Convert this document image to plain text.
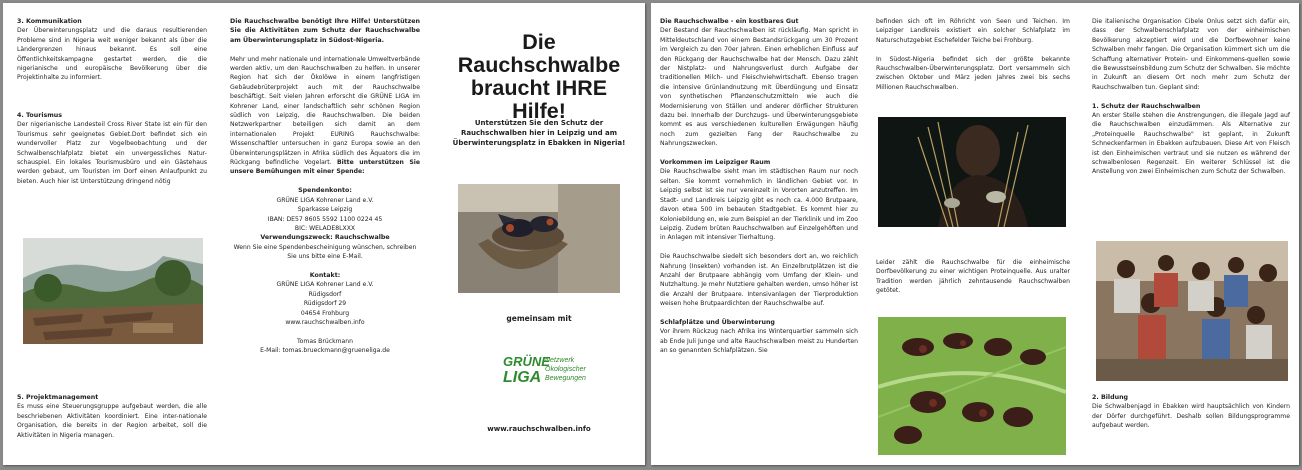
3. Kommunikation

Der Überwinterungsplatz und die daraus resultierenden Probleme sind in Nigeria weit weniger bekannt als über die Ländergrenzen hinaus bekannt. Es soll eine Öffentlichkeitskampagne gestartet werden, die die nigerianische und europäische Bevölkerung über die Projektinhalte zu informiert.

4. Tourismus

Der nigerianische Landesteil Cross River State ist ein für den Tourismus sehr geeignetes Gebiet.Dort befindet sich ein wundervoller Platz zur Vogelbeobachtung und der Schwalbenschlafplatz bietet ein unvergessliches Natur-schauspiel. Ein lokales Tourismusbüro und ein Gästehaus werden gebaut, um Touristen im Dorf einen Anlaufpunkt zu bieten. Auch hier ist Unterstützung dringend nötig

5. Projektmanagement

Es muss eine Steuerungsgruppe aufgebaut werden, die alle beschriebenen Aktivitäten koordiniert. Eine inter-nationale Organisation, die bereits in der Region arbeitet, soll die Aktivitäten in Nigeria managen.

Die Rauchschwalbe benötigt Ihre Hilfe! Unterstützen Sie die Aktivitäten zum Schutz der Rauchschwalbe am Überwinterungsplatz in Südost-Nigeria.

Mehr und mehr nationale und internationale Umweltverbände werden aktiv, um den Rauchschwalben zu helfen. In unserer Region hat sich der Ökolöwe in einem langfristigen Gebäudebrüterprojekt auch mit der Rauchschwalbe beschäftigt. Seit vielen Jahren erforscht die GRÜNE LIGA im Kohrener Land, einer landschaftlich sehr schönen Region südlich von Leipzig, die Rauchschwalben. Die beiden Netzwerkpartner beteiligen sich damit an dem internationalen Projekt EURING Rauchschwalbe: Wissenschaftler untersuchen in ganz Europa sowie an den Überwinterungsplätzen in Afrika südlich des Äquators die im Rückgang befindliche Vogelart. Bitte unterstützen Sie unsere Bemühungen mit einer Spende:

Spendenkonto:

GRÜNE LIGA Kohrener Land e.V.

Sparkasse Leipzig

IBAN: DE57 8605 5592 1100 0224 45

BIC: WELADE8LXXX

Verwendungszweck: Rauchschwalbe

Wenn Sie eine Spendenbescheinigung wünschen, schreiben Sie uns bitte eine E-Mail.

Kontakt:

GRÜNE LIGA Kohrener Land e.V.

Rüdigsdorf

Rüdigsdorf 29

04654 Frohburg

www.rauchschwalben.info

Tomas Brückmann

E-Mail: tomas.brueckmann@grueneliga.de

Die
Rauchschwalbe
braucht IHRE Hilfe!
Unterstützen Sie den Schutz der Rauchschwalben hier in Leipzig und am Überwinterungsplatz in Ebakken in Nigeria!
gemeinsam mit
GRÜNE
LIGA
Netzwerk
Ökologischer
Bewegungen
www.rauchschwalben.info

Die Rauchschwalbe - ein kostbares Gut

Der Bestand der Rauchschwalben ist rückläufig. Man spricht in Mitteldeutschland von einem Bestandsrückgang um 30 Prozent im Vergleich zu den 70er Jahren. Einen erheblichen Einfluss auf den Rückgang der Rauchschwalbe hat der Mensch. Dazu zählt der Nistplatz- und Nahrungsverlust durch Aufgabe der traditionellen Milch- und Fleischviehwirtschaft. Ebenso tragen die intensive Grünlandnutzung mit Überdüngung und Einsatz von synthetischen Pflanzenschutzmitteln wie auch die Modernisierung von Ställen und anderer dörflicher Strukturen dazu bei. Innerhalb der Durchzugs- und Überwinterungsgebiete kommt es aus verschiedenen kulturellen Erwägungen häufig noch zum gezielten Fang der Rauchschwalbe zu Nahrungszwecken.

Vorkommen im Leipziger Raum

Die Rauchschwalbe sieht man im städtischen Raum nur noch selten. Sie kommt vornehmlich in ländlichen Gebiet vor. In Leipzig selbst ist sie nur vereinzelt in Vororten anzutreffen. Im Stadt- und Landkreis Leipzig gibt es noch ca. 4.000 Brutpaare, davon etwa 500 im bebauten Stadtgebiet. Es kommt hier zu Koloniebildung en, wie zum Beispiel an der Tierklinik und im Zoo Leipzig. Zudem brüten Rauchschwalben auf Einzelgehöften und in Anlagen mit intensiver Tierhaltung.

Die Rauchschwalbe siedelt sich besonders dort an, wo reichlich Nahrung (Insekten) vorhanden ist. An Einzelbrutplätzen ist die Anzahl der Brutpaare abhängig vom Umfang der Klein- und Nutzhaltung. Je mehr Nutztiere gehalten werden, umso höher ist die Anzahl der Brutpaare. Intensivanlagen der Tierproduktion weisen hohe Brutpaardichten der Rauchschwalbe auf.

Schlafplätze und Überwinterung

Vor ihrem Rückzug nach Afrika ins Winterquartier sammeln sich ab Ende Juli Junge und alte Rauchschwalben meist zu Hunderten an so genannten Schlafplätzen. Sie

befinden sich oft im Röhricht von Seen und Teichen. Im Leipziger Landkreis existiert ein solcher Schlafplatz im Naturschutzgebiet Eschefelder Teiche bei Frohburg.

In Südost-Nigeria befindet sich der größte bekannte Rauchschwalben-Überwinterungsplatz. Dort versammeln sich zwischen Oktober und März jeden Jahres zwei bis sechs Millionen Rauchschwalben.

Leider zählt die Rauchschwalbe für die einheimische Dorfbevölkerung zu einer wichtigen Proteinquelle. Aus uralter Tradition werden jährlich zehntausende Rauchschwalben getötet.

Die italienische Organisation Cibele Onlus setzt sich dafür ein, dass der Schwalbenschlafplatz von der einheimischen Bevölkerung akzeptiert wird und die Dorfbewohner keine Schwalben mehr fangen. Die Organisation kümmert sich um die Schaffung alternativer Protein- und Einkommens-quellen sowie die Bewusstseinsbildung zum Schutz der Schwalben. Sie möchte in Zukunft an diesem Ort noch mehr zum Schutz der Rauchschwalben tun. Geplant sind:

1. Schutz der Rauchschwalben

An erster Stelle stehen die Anstrengungen, die illegale Jagd auf die Rauchschwalben einzudämmen. Als Alternative zur „Proteinquelle Rauchschwalbe" ist geplant, in Zukunft Schneckenfarmen in Ebakken aufzubauen. Diese Art von Fleisch ist den Einheimischen vertraut und sie nutzen es während der schwalbenlosen Regenzeit. Ein weiterer Schlüssel ist die Anstellung von zwei Einheimischen zum Schutz der Schwalben.

2. Bildung

Die Schwalbenjagd in Ebakken wird hauptsächlich von Kindern der Dörfer durchgeführt. Deshalb sollen Bildungsprogramme aufgebaut werden.
